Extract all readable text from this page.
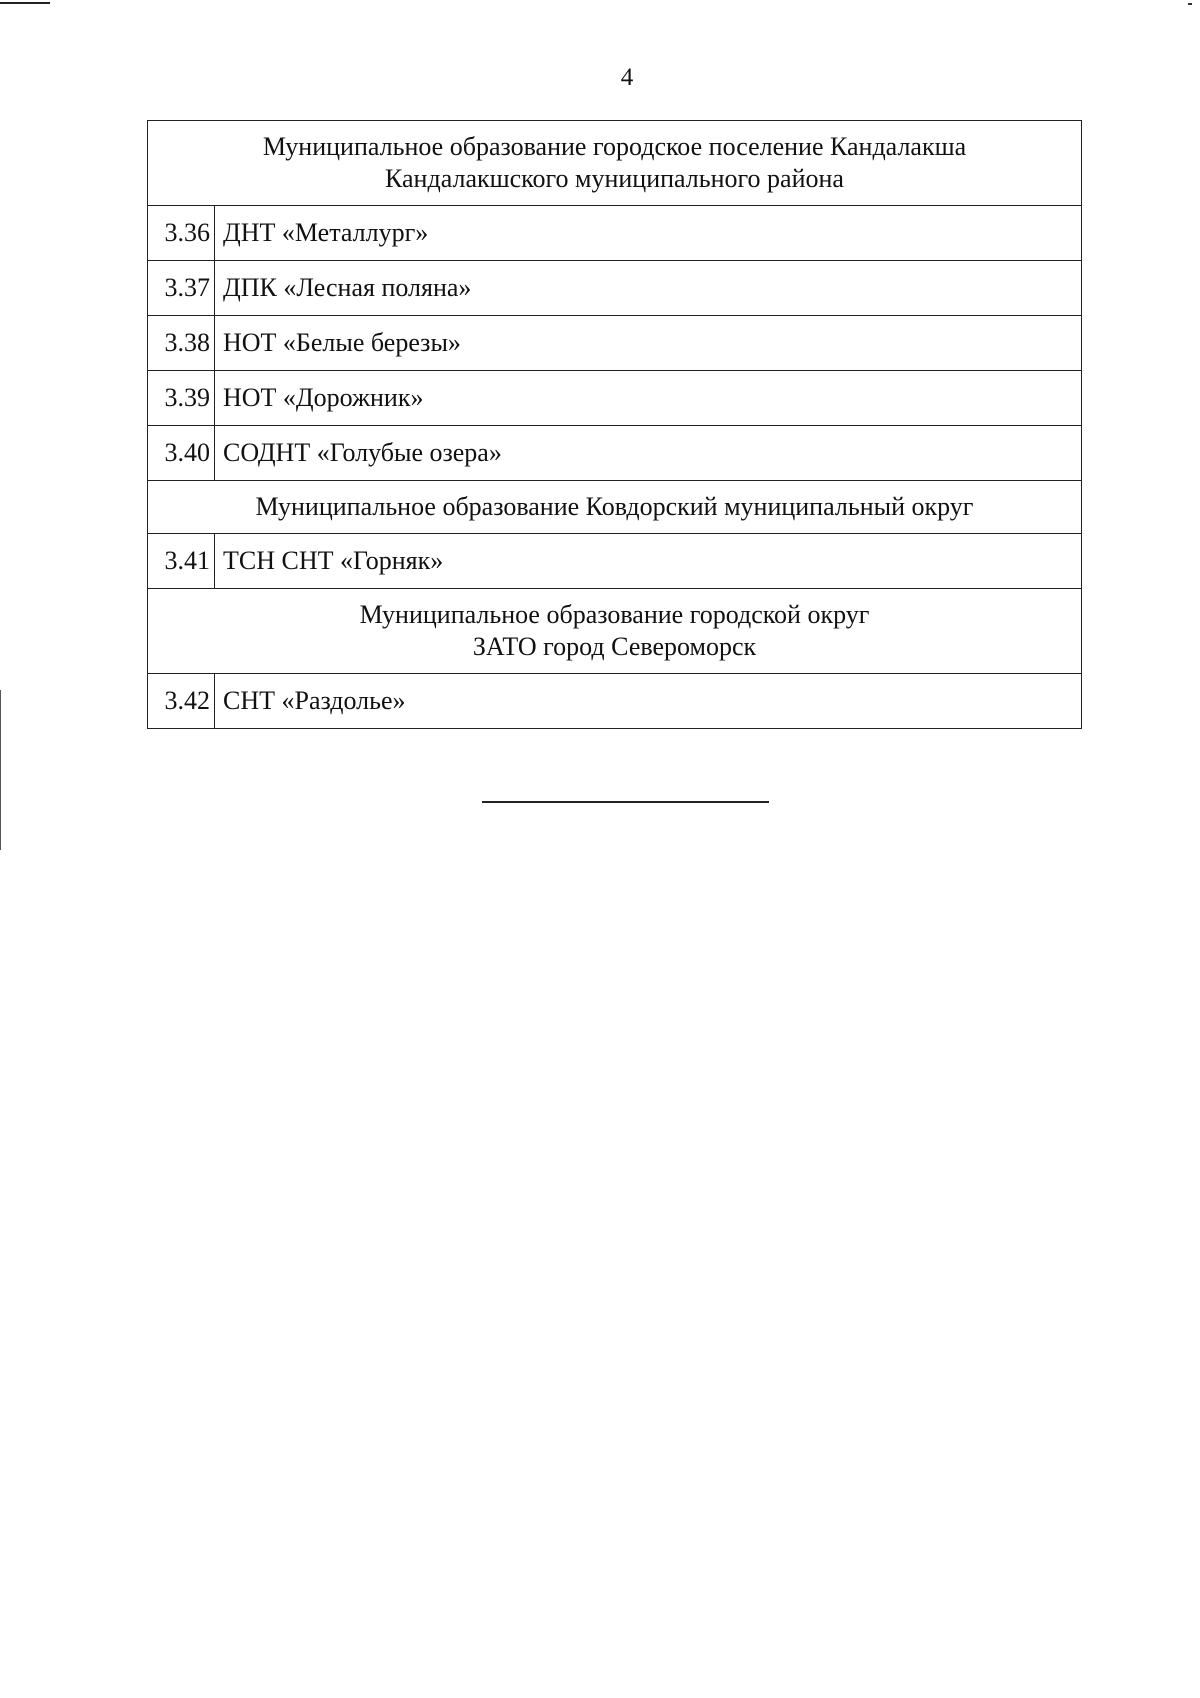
4
Муниципальное образование городское поселение Кандалакша
Кандалакшского муниципального района	

3.36	ДНТ «Металлург»
3.37	ДПК «Лесная поляна»
3.38	НОТ «Белые березы»
3.39	НОТ «Дорожник»
3.40	СОДНТ «Голубые озера»

Муниципальное образование Ковдорский муниципальный округ	

3.41	ТСН СНТ «Горняк»

Муниципальное образование городской округ
ЗАТО город Североморск	

3.42	СНТ «Раздолье»
